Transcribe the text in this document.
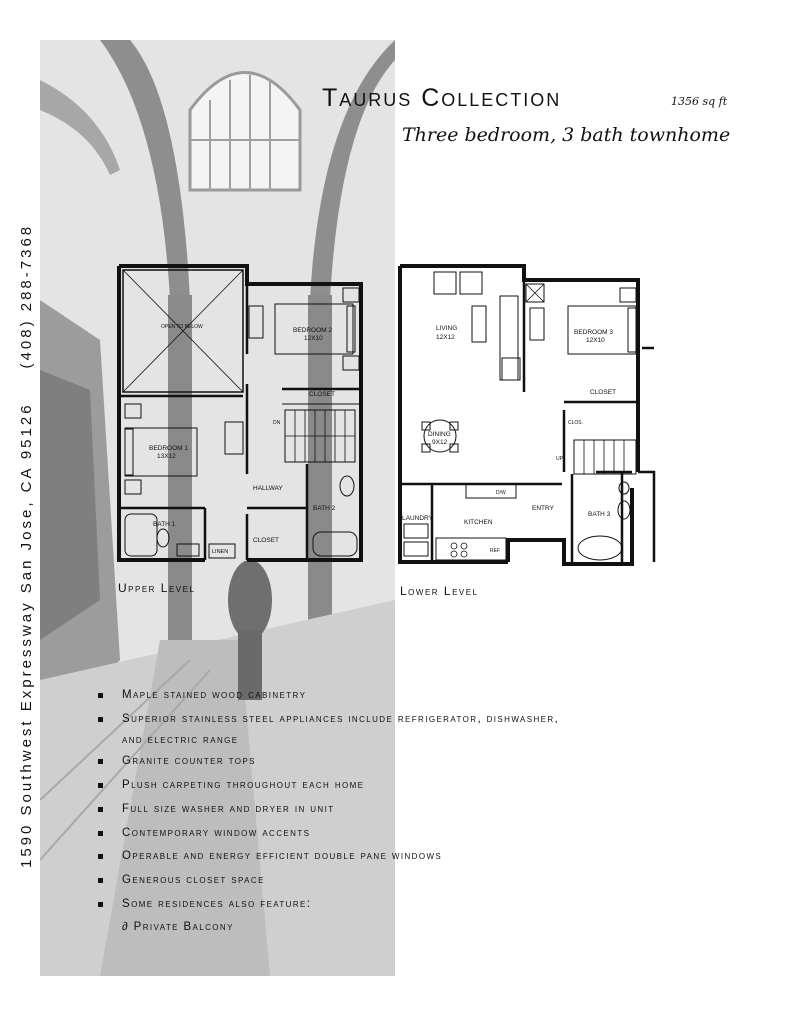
Taurus Collection	1356 sq ft
Three bedroom, 3 bath townhome
1590 Southwest Expressway San Jose, CA 95126(408) 288-7368	OPEN TO BELOW	BEDROOM 2
12X10
CLOSET
BEDROOM 1
13X12
DN
HALLWAY
BATH 1
BATH 2
CLOSET
LINEN
Upper Level
LIVING
12X12
BEDROOM 3
12X10
CLOSET
CLOS.
DINING
9X12
UP
D/W
LAUNDRY
KITCHEN
ENTRY
BATH 3
REF
Lower Level
Maple stained wood cabinetry
Superior stainless steel appliances include refrigerator, dishwasher,
and electric range
Granite counter tops
Plush carpeting throughout each home
Full size washer and dryer in unit
Contemporary window accents
Operable and energy efficient double pane windows
Generous closet space
Some residences also feature:
∂ Private Balcony
